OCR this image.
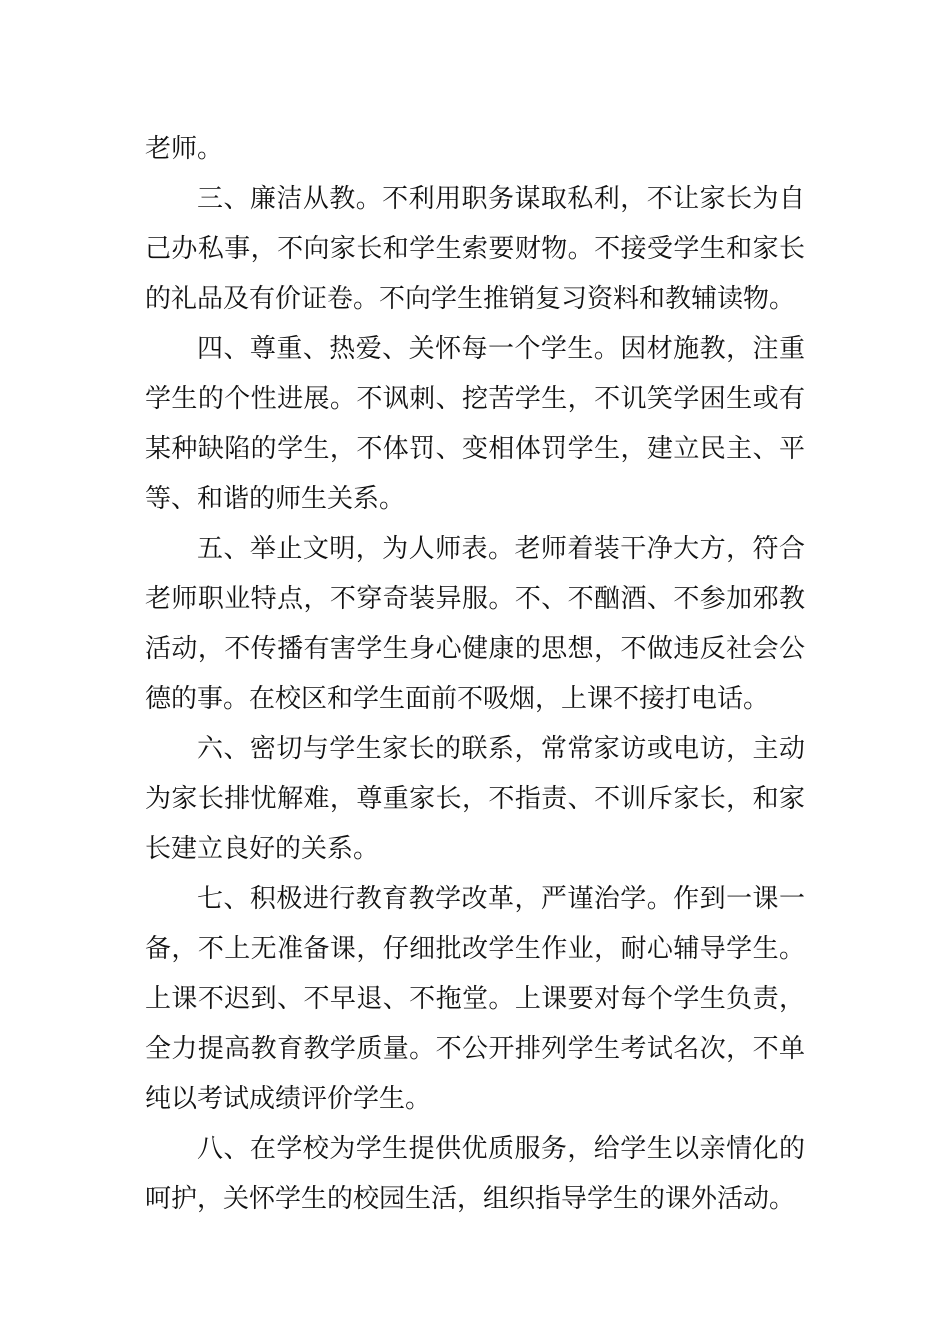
老师。

三、廉洁从教。不利用职务谋取私利，不让家长为自己办私事，不向家长和学生索要财物。不接受学生和家长的礼品及有价证卷。不向学生推销复习资料和教辅读物。

四、尊重、热爱、关怀每一个学生。因材施教，注重学生的个性进展。不讽刺、挖苦学生，不讥笑学困生或有某种缺陷的学生，不体罚、变相体罚学生，建立民主、平等、和谐的师生关系。

五、举止文明，为人师表。老师着装干净大方，符合老师职业特点，不穿奇装异服。不、不酗酒、不参加邪教活动，不传播有害学生身心健康的思想，不做违反社会公德的事。在校区和学生面前不吸烟，上课不接打电话。

六、密切与学生家长的联系，常常家访或电访，主动为家长排忧解难，尊重家长，不指责、不训斥家长，和家长建立良好的关系。

七、积极进行教育教学改革，严谨治学。作到一课一备，不上无准备课，仔细批改学生作业，耐心辅导学生。上课不迟到、不早退、不拖堂。上课要对每个学生负责，全力提高教育教学质量。不公开排列学生考试名次，不单纯以考试成绩评价学生。

八、在学校为学生提供优质服务，给学生以亲情化的呵护，关怀学生的校园生活，组织指导学生的课外活动。
